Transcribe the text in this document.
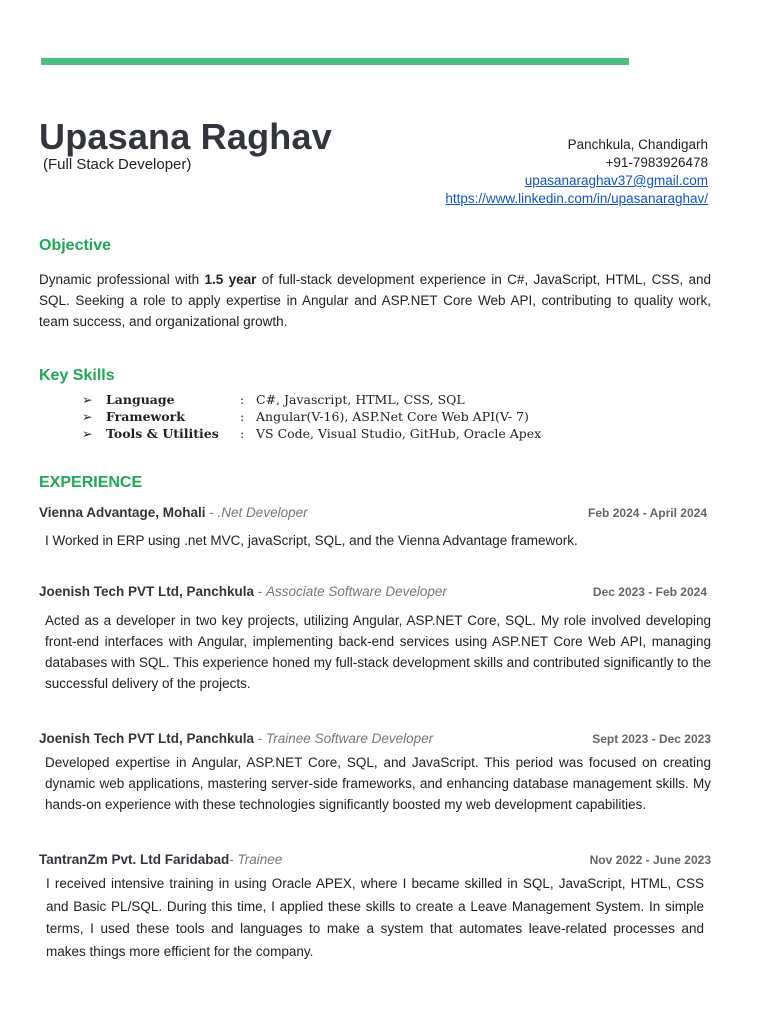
Upasana Raghav
(Full Stack Developer)
Panchkula, Chandigarh
+91-7983926478
upasanaraghav37@gmail.com
https://www.linkedin.com/in/upasanaraghav/
Objective
Dynamic professional with 1.5 year of full-stack development experience in C#, JavaScript, HTML, CSS, and SQL. Seeking a role to apply expertise in Angular and ASP.NET Core Web API, contributing to quality work, team success, and organizational growth.
Key Skills
➢	Language	: C#, Javascript, HTML, CSS, SQL
➢	Framework	: Angular(V-16), ASP.Net Core Web API(V- 7)
➢	Tools & Utilities	: VS Code, Visual Studio, GitHub, Oracle Apex
EXPERIENCE
Vienna Advantage, Mohali - .Net Developer	Feb 2024 - April 2024
I Worked in ERP using .net MVC, javaScript, SQL, and the Vienna Advantage framework.
Joenish Tech PVT Ltd, Panchkula - Associate Software Developer	Dec 2023 - Feb 2024
Acted as a developer in two key projects, utilizing Angular, ASP.NET Core, SQL. My role involved developing front-end interfaces with Angular, implementing back-end services using ASP.NET Core Web API, managing databases with SQL. This experience honed my full-stack development skills and contributed significantly to the successful delivery of the projects.
Joenish Tech PVT Ltd, Panchkula - Trainee Software Developer	Sept 2023 - Dec 2023
Developed expertise in Angular, ASP.NET Core, SQL, and JavaScript. This period was focused on creating dynamic web applications, mastering server-side frameworks, and enhancing database management skills. My hands-on experience with these technologies significantly boosted my web development capabilities.
TantranZm Pvt. Ltd Faridabad- Trainee	Nov 2022 - June 2023
I received intensive training in using Oracle APEX, where I became skilled in SQL, JavaScript, HTML, CSS and Basic PL/SQL. During this time, I applied these skills to create a Leave Management System. In simple terms, I used these tools and languages to make a system that automates leave-related processes and makes things more efficient for the company.
